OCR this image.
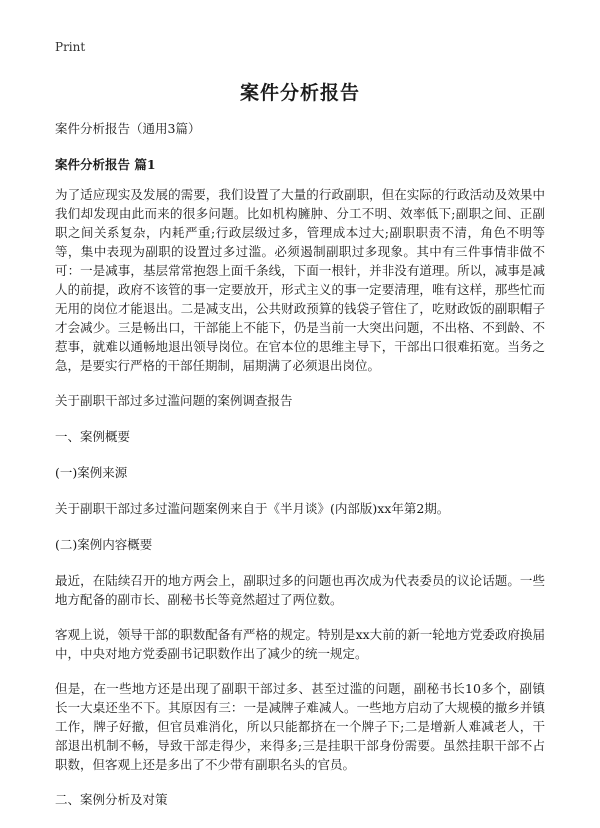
Print
案件分析报告

案件分析报告（通用3篇）

案件分析报告 篇1

为了适应现实及发展的需要，我们设置了大量的行政副职，但在实际的行政活动及效果中我们却发现由此而来的很多问题。比如机构臃肿、分工不明、效率低下;副职之间、正副职之间关系复杂，内耗严重;行政层级过多，管理成本过大;副职职责不清，角色不明等等，集中表现为副职的设置过多过滥。必须遏制副职过多现象。其中有三件事情非做不可：一是减事，基层常常抱怨上面千条线，下面一根针，并非没有道理。所以，减事是减人的前提，政府不该管的事一定要放开，形式主义的事一定要清理，唯有这样，那些忙而无用的岗位才能退出。二是减支出，公共财政预算的钱袋子管住了，吃财政饭的副职帽子才会减少。三是畅出口，干部能上不能下，仍是当前一大突出问题，不出格、不到龄、不惹事，就难以通畅地退出领导岗位。在官本位的思维主导下，干部出口很难拓宽。当务之急，是要实行严格的干部任期制，届期满了必须退出岗位。

关于副职干部过多过滥问题的案例调查报告

一、案例概要

(一)案例来源

关于副职干部过多过滥问题案例来自于《半月谈》(内部版)xx年第2期。

(二)案例内容概要

最近，在陆续召开的地方两会上，副职过多的问题也再次成为代表委员的议论话题。一些地方配备的副市长、副秘书长等竟然超过了两位数。

客观上说，领导干部的职数配备有严格的规定。特别是xx大前的新一轮地方党委政府换届中，中央对地方党委副书记职数作出了减少的统一规定。

但是，在一些地方还是出现了副职干部过多、甚至过滥的问题，副秘书长10多个，副镇长一大桌还坐不下。其原因有三：一是减牌子难减人。一些地方启动了大规模的撤乡并镇工作，牌子好撤，但官员难消化，所以只能都挤在一个牌子下;二是增新人难减老人，干部退出机制不畅，导致干部走得少，来得多;三是挂职干部身份需要。虽然挂职干部不占职数，但客观上还是多出了不少带有副职名头的官员。

二、案例分析及对策
